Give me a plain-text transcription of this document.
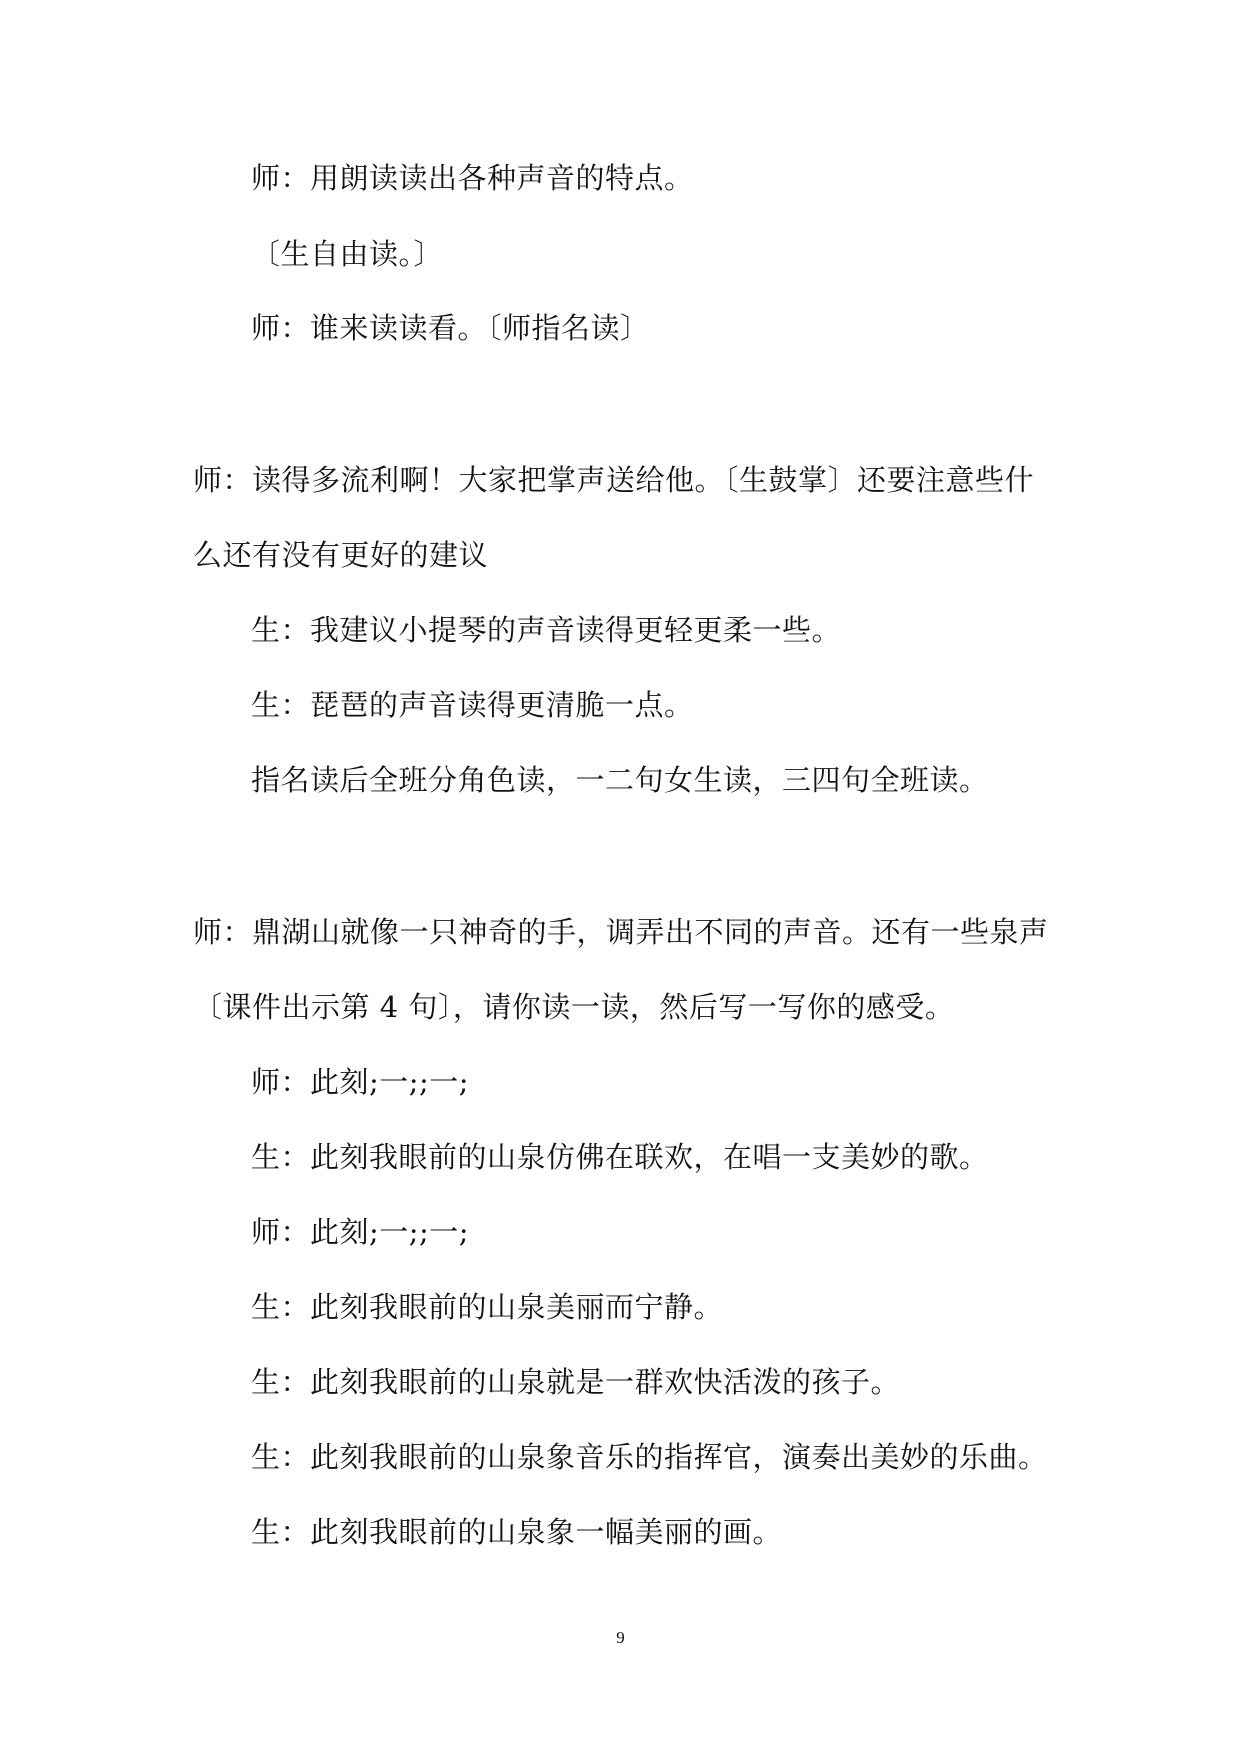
师：用朗读读出各种声音的特点。
〔生自由读。〕
师：谁来读读看。〔师指名读〕
师：读得多流利啊！大家把掌声送给他。〔生鼓掌〕还要注意些什
么还有没有更好的建议
生：我建议小提琴的声音读得更轻更柔一些。
生：琵琶的声音读得更清脆一点。
指名读后全班分角色读，一二句女生读，三四句全班读。
师：鼎湖山就像一只神奇的手，调弄出不同的声音。还有一些泉声
〔课件出示第 4 句〕，请你读一读，然后写一写你的感受。
师：此刻;一;;一;
生：此刻我眼前的山泉仿佛在联欢，在唱一支美妙的歌。
师：此刻;一;;一;
生：此刻我眼前的山泉美丽而宁静。
生：此刻我眼前的山泉就是一群欢快活泼的孩子。
生：此刻我眼前的山泉象音乐的指挥官，演奏出美妙的乐曲。
生：此刻我眼前的山泉象一幅美丽的画。
9
